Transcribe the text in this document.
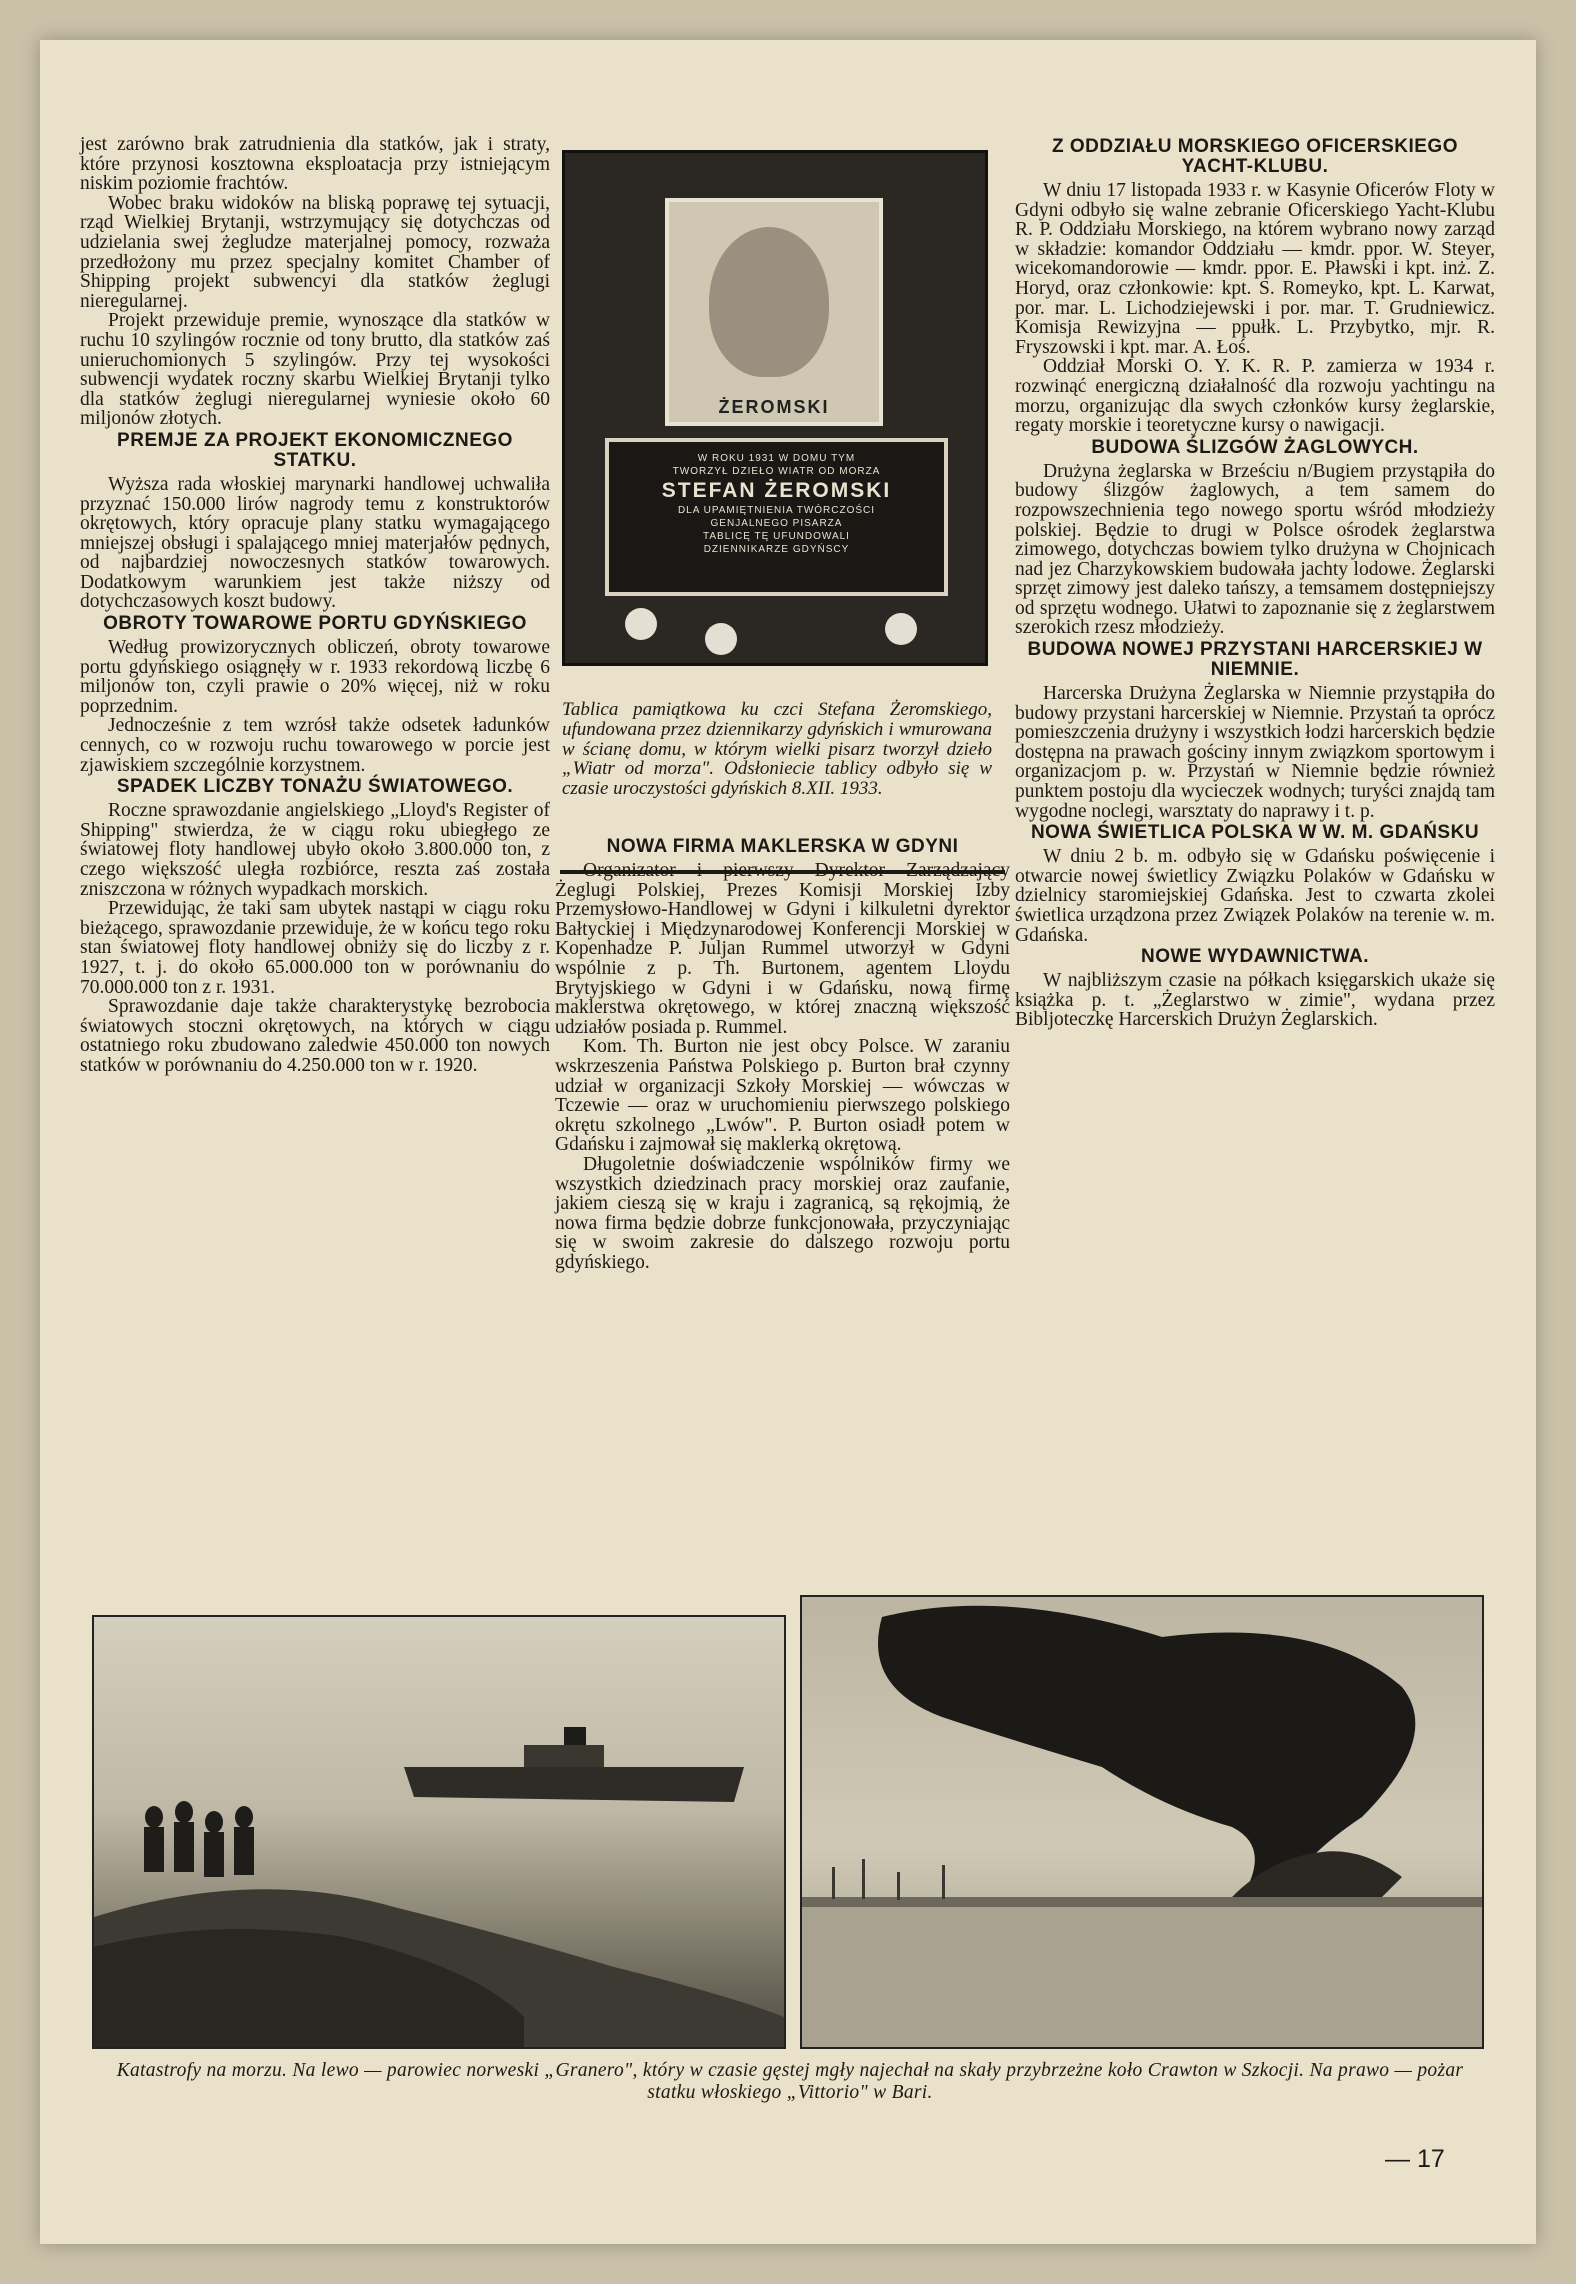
jest zarówno brak zatrudnienia dla statków, jak i straty, które przynosi kosztowna eksploatacja przy istniejącym niskim poziomie frachtów.

Wobec braku widoków na bliską poprawę tej sytuacji, rząd Wielkiej Brytanji, wstrzymujący się dotychczas od udzielania swej żegludze materjalnej pomocy, rozważa przedłożony mu przez specjalny komitet Chamber of Shipping projekt subwencyi dla statków żeglugi nieregularnej.

Projekt przewiduje premie, wynoszące dla statków w ruchu 10 szylingów rocznie od tony brutto, dla statków zaś unieruchomionych 5 szylingów. Przy tej wysokości subwencji wydatek roczny skarbu Wielkiej Brytanji tylko dla statków żeglugi nieregularnej wyniesie około 60 miljonów złotych.

PREMJE ZA PROJEKT EKONOMICZNEGO STATKU.

Wyższa rada włoskiej marynarki handlowej uchwaliła przyznać 150.000 lirów nagrody temu z konstruktorów okrętowych, który opracuje plany statku wymagającego mniejszej obsługi i spalającego mniej materjałów pędnych, od najbardziej nowoczesnych statków towarowych. Dodatkowym warunkiem jest także niższy od dotychczasowych koszt budowy.

OBROTY TOWAROWE PORTU GDYŃSKIEGO

Według prowizorycznych obliczeń, obroty towarowe portu gdyńskiego osiągnęły w r. 1933 rekordową liczbę 6 miljonów ton, czyli prawie o 20% więcej, niż w roku poprzednim.

Jednocześnie z tem wzrósł także odsetek ładunków cennych, co w rozwoju ruchu towarowego w porcie jest zjawiskiem szczególnie korzystnem.

SPADEK LICZBY TONAŻU ŚWIATOWEGO.

Roczne sprawozdanie angielskiego „Lloyd's Register of Shipping" stwierdza, że w ciągu roku ubiegłego ze światowej floty handlowej ubyło około 3.800.000 ton, z czego większość uległa rozbiórce, reszta zaś została zniszczona w różnych wypadkach morskich.

Przewidując, że taki sam ubytek nastąpi w ciągu roku bieżącego, sprawozdanie przewiduje, że w końcu tego roku stan światowej floty handlowej obniży się do liczby z r. 1927, t. j. do około 65.000.000 ton w porównaniu do 70.000.000 ton z r. 1931.

Sprawozdanie daje także charakterystykę bezrobocia światowych stoczni okrętowych, na których w ciągu ostatniego roku zbudowano zaledwie 450.000 ton nowych statków w porównaniu do 4.250.000 ton w r. 1920.

ŻEROMSKI
W ROKU 1931 W DOMU TYM
TWORZYŁ DZIEŁO WIATR OD MORZA
STEFAN ŻEROMSKI
DLA UPAMIĘTNIENIA TWÓRCZOŚCI
GENJALNEGO PISARZA
TABLICĘ TĘ UFUNDOWALI
DZIENNIKARZE GDYŃSCY
Tablica pamiątkowa ku czci Stefana Żeromskiego, ufundowana przez dziennikarzy gdyńskich i wmurowana w ścianę domu, w którym wielki pisarz tworzył dzieło „Wiatr od morza". Odsłoniecie tablicy odbyło się w czasie uroczystości gdyńskich 8.XII. 1933.
NOWA FIRMA MAKLERSKA W GDYNI

Organizator i pierwszy Dyrektor Zarządzający Żeglugi Polskiej, Prezes Komisji Morskiej Izby Przemysłowo-Handlowej w Gdyni i kilkuletni dyrektor Bałtyckiej i Międzynarodowej Konferencji Morskiej w Kopenhadze P. Juljan Rummel utworzył w Gdyni wspólnie z p. Th. Burtonem, agentem Lloydu Brytyjskiego w Gdyni i w Gdańsku, nową firmę maklerstwa okrętowego, w której znaczną większość udziałów posiada p. Rummel.

Kom. Th. Burton nie jest obcy Polsce. W zaraniu wskrzeszenia Państwa Polskiego p. Burton brał czynny udział w organizacji Szkoły Morskiej — wówczas w Tczewie — oraz w uruchomieniu pierwszego polskiego okrętu szkolnego „Lwów". P. Burton osiadł potem w Gdańsku i zajmował się maklerką okrętową.

Długoletnie doświadczenie wspólników firmy we wszystkich dziedzinach pracy morskiej oraz zaufanie, jakiem cieszą się w kraju i zagranicą, są rękojmią, że nowa firma będzie dobrze funkcjonowała, przyczyniając się w swoim zakresie do dalszego rozwoju portu gdyńskiego.

Z ODDZIAŁU MORSKIEGO OFICERSKIEGO YACHT-KLUBU.

W dniu 17 listopada 1933 r. w Kasynie Oficerów Floty w Gdyni odbyło się walne zebranie Oficerskiego Yacht-Klubu R. P. Oddziału Morskiego, na którem wybrano nowy zarząd w składzie: komandor Oddziału — kmdr. ppor. W. Steyer, wicekomandorowie — kmdr. ppor. E. Pławski i kpt. inż. Z. Horyd, oraz członkowie: kpt. S. Romeyko, kpt. L. Karwat, por. mar. L. Lichodziejewski i por. mar. T. Grudniewicz. Komisja Rewizyjna — ppułk. L. Przybytko, mjr. R. Fryszowski i kpt. mar. A. Łoś.

Oddział Morski O. Y. K. R. P. zamierza w 1934 r. rozwinąć energiczną działalność dla rozwoju yachtingu na morzu, organizując dla swych członków kursy żeglarskie, regaty morskie i teoretyczne kursy o nawigacji.

BUDOWA ŚLIZGÓW ŻAGLOWYCH.

Drużyna żeglarska w Brześciu n/Bugiem przystąpiła do budowy ślizgów żaglowych, a tem samem do rozpowszechnienia tego nowego sportu wśród młodzieży polskiej. Będzie to drugi w Polsce ośrodek żeglarstwa zimowego, dotychczas bowiem tylko drużyna w Chojnicach nad jez Charzykowskiem budowała jachty lodowe. Żeglarski sprzęt zimowy jest daleko tańszy, a temsamem dostępniejszy od sprzętu wodnego. Ułatwi to zapoznanie się z żeglarstwem szerokich rzesz młodzieży.

BUDOWA NOWEJ PRZYSTANI HARCERSKIEJ W NIEMNIE.

Harcerska Drużyna Żeglarska w Niemnie przystąpiła do budowy przystani harcerskiej w Niemnie. Przystań ta oprócz pomieszczenia drużyny i wszystkich łodzi harcerskich będzie dostępna na prawach gościny innym związkom sportowym i organizacjom p. w. Przystań w Niemnie będzie również punktem postoju dla wycieczek wodnych; turyści znajdą tam wygodne noclegi, warsztaty do naprawy i t. p.

NOWA ŚWIETLICA POLSKA W W. M. GDAŃSKU

W dniu 2 b. m. odbyło się w Gdańsku poświęcenie i otwarcie nowej świetlicy Związku Polaków w Gdańsku w dzielnicy staromiejskiej Gdańska. Jest to czwarta zkolei świetlica urządzona przez Związek Polaków na terenie w. m. Gdańska.

NOWE WYDAWNICTWA.

W najbliższym czasie na półkach księgarskich ukaże się książka p. t. „Żeglarstwo w zimie", wydana przez Bibljoteczkę Harcerskich Drużyn Żeglarskich.

Katastrofy na morzu. Na lewo — parowiec norweski „Granero", który w czasie gęstej mgły najechał na skały przybrzeżne koło Crawton w Szkocji. Na prawo — pożar statku włoskiego „Vittorio" w Bari.
— 17
